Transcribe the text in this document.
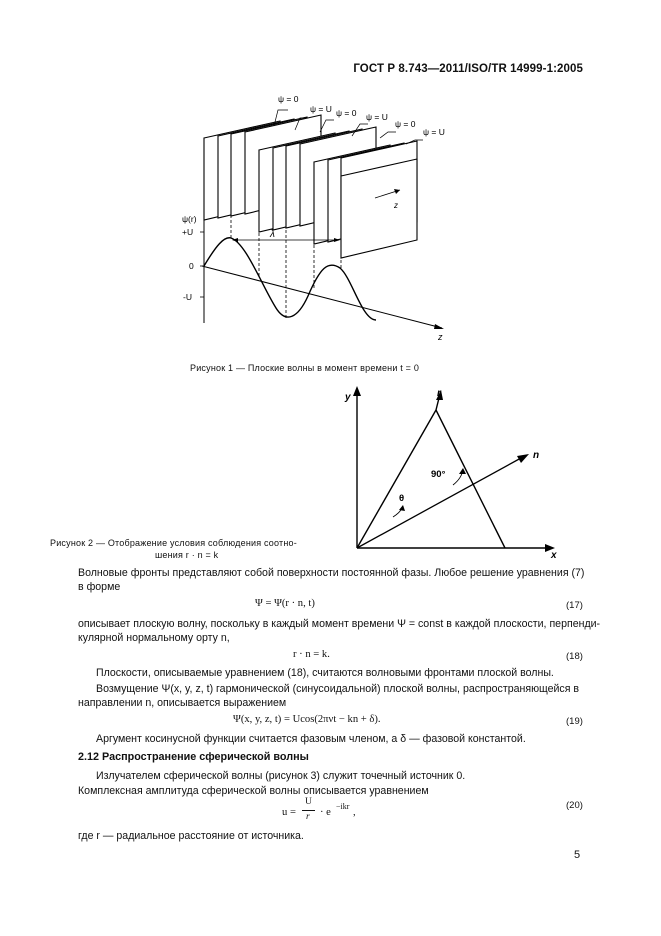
ГОСТ Р 8.743—2011/ISO/TR 14999-1:2005
ψ = 0
ψ = U ψ = 0 ψ = U
ψ = 0
ψ = U
z
z
ψ(r)
+U
0
-U
λ
Рисунок 1 — Плоские волны в момент времени t = 0
y
x
r
n
90°
θ
Рисунок 2 — Отображение условия соблюдения соотно-
шения r · n = k
Волновые фронты представляют собой поверхности постоянной фазы. Любое решение уравнения (7)
в форме
Ψ = Ψ(r · n, t)	(17)
описывает плоскую волну, поскольку в каждый момент времени Ψ = const в каждой плоскости, перпенди-
кулярной нормальному орту n,
r · n = k.	(18)
Плоскости, описываемые уравнением (18), считаются волновыми фронтами плоской волны.
Возмущение Ψ(x, y, z, t) гармонической (синусоидальной) плоской волны, распространяющейся в
направлении n, описывается выражением
Ψ(x, y, z, t) = Ucos(2πνt − kn + δ).	(19)
Аргумент косинусной функции считается фазовым членом, а δ — фазовой константой.
2.12 Распространение сферической волны
Излучателем сферической волны (рисунок 3) служит точечный источник 0.
Комплексная амплитуда сферической волны описывается уравнением
u =
U
r · e
−ikr
,
(20)
где r — радиальное расстояние от источника.
5
